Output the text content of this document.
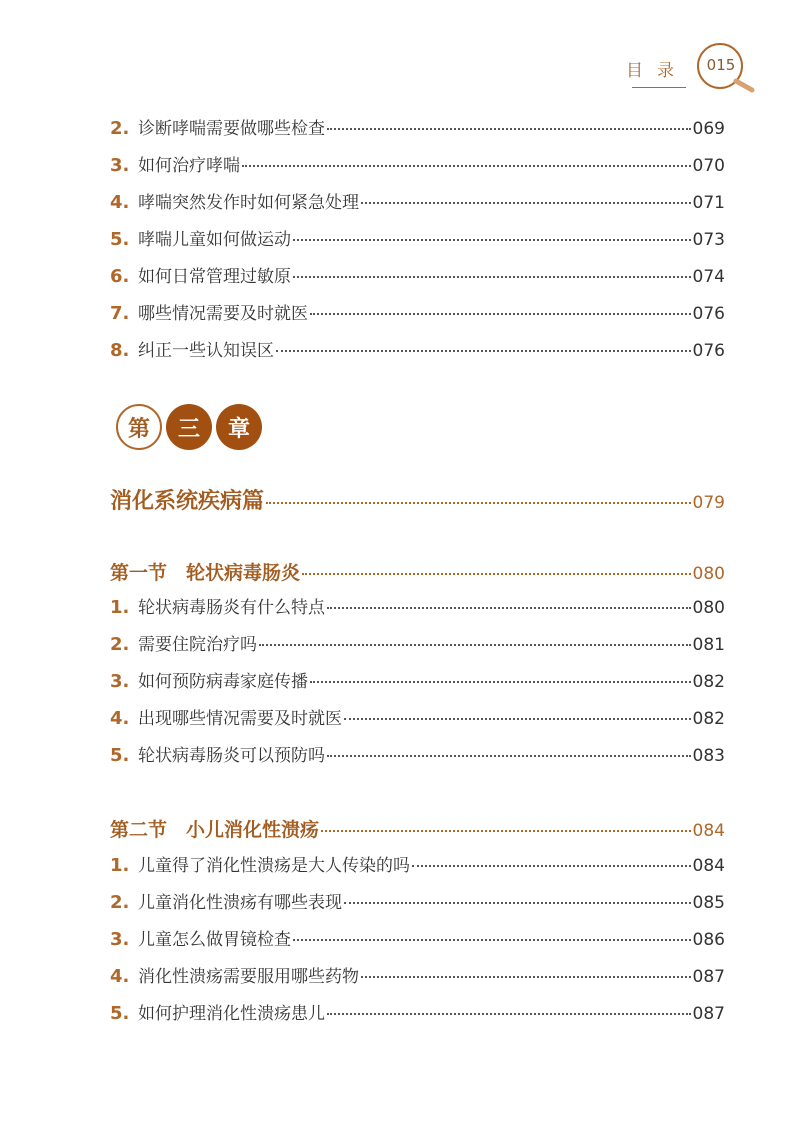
目录	015
2. 诊断哮喘需要做哪些检查	069
3. 如何治疗哮喘	070
4. 哮喘突然发作时如何紧急处理	071
5. 哮喘儿童如何做运动	073
6. 如何日常管理过敏原	074
7. 哪些情况需要及时就医	076
8. 纠正一些认知误区	076
第	三	章
消化系统疾病篇	079
第一节　轮状病毒肠炎	080
1. 轮状病毒肠炎有什么特点	080
2. 需要住院治疗吗	081
3. 如何预防病毒家庭传播	082
4. 出现哪些情况需要及时就医	082
5. 轮状病毒肠炎可以预防吗	083
第二节　小儿消化性溃疡	084
1. 儿童得了消化性溃疡是大人传染的吗	084
2. 儿童消化性溃疡有哪些表现	085
3. 儿童怎么做胃镜检查	086
4. 消化性溃疡需要服用哪些药物	087
5. 如何护理消化性溃疡患儿	087
